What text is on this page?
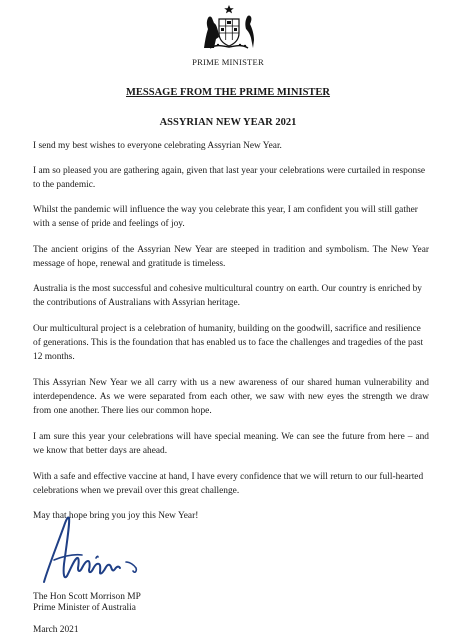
PRIME MINISTER
MESSAGE FROM THE PRIME MINISTER
ASSYRIAN NEW YEAR 2021

I send my best wishes to everyone celebrating Assyrian New Year.

I am so pleased you are gathering again, given that last year your celebrations were curtailed in response to the pandemic.

Whilst the pandemic will influence the way you celebrate this year, I am confident you will still gather with a sense of pride and feelings of joy.

The ancient origins of the Assyrian New Year are steeped in tradition and symbolism. The New Year message of hope, renewal and gratitude is timeless.

Australia is the most successful and cohesive multicultural country on earth. Our country is enriched by the contributions of Australians with Assyrian heritage.

Our multicultural project is a celebration of humanity, building on the goodwill, sacrifice and resilience of generations. This is the foundation that has enabled us to face the challenges and tragedies of the past 12 months.

This Assyrian New Year we all carry with us a new awareness of our shared human vulnerability and interdependence. As we were separated from each other, we saw with new eyes the strength we draw from one another. There lies our common hope.

I am sure this year your celebrations will have special meaning. We can see the future from here – and we know that better days are ahead.

With a safe and effective vaccine at hand, I have every confidence that we will return to our full-hearted celebrations when we prevail over this great challenge.

May that hope bring you joy this New Year!

The Hon Scott Morrison MP
Prime Minister of Australia
March 2021
